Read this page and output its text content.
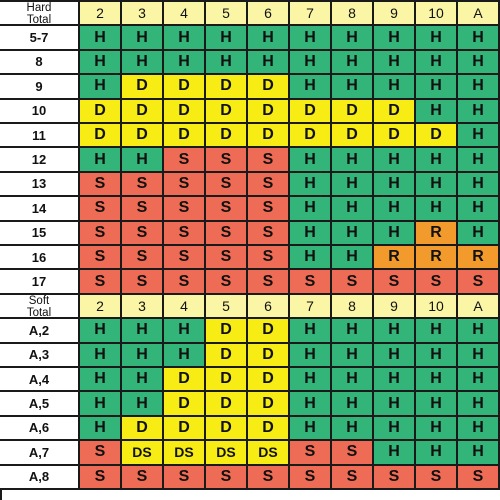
Hard
Total	2	3	4	5	6	7	8	9	10	A
5-7	H	H	H	H	H	H	H	H	H	H
8	H	H	H	H	H	H	H	H	H	H
9	H	D	D	D	D	H	H	H	H	H
10	D	D	D	D	D	D	D	D	H	H
11	D	D	D	D	D	D	D	D	D	H
12	H	H	S	S	S	H	H	H	H	H
13	S	S	S	S	S	H	H	H	H	H
14	S	S	S	S	S	H	H	H	H	H
15	S	S	S	S	S	H	H	H	R	H
16	S	S	S	S	S	H	H	R	R	R
17	S	S	S	S	S	S	S	S	S	S
Soft
Total	2	3	4	5	6	7	8	9	10	A
A,2	H	H	H	D	D	H	H	H	H	H
A,3	H	H	H	D	D	H	H	H	H	H
A,4	H	H	D	D	D	H	H	H	H	H
A,5	H	H	D	D	D	H	H	H	H	H
A,6	H	D	D	D	D	H	H	H	H	H
A,7	S	DS	DS	DS	DS	S	S	H	H	H
A,8	S	S	S	S	S	S	S	S	S	S
